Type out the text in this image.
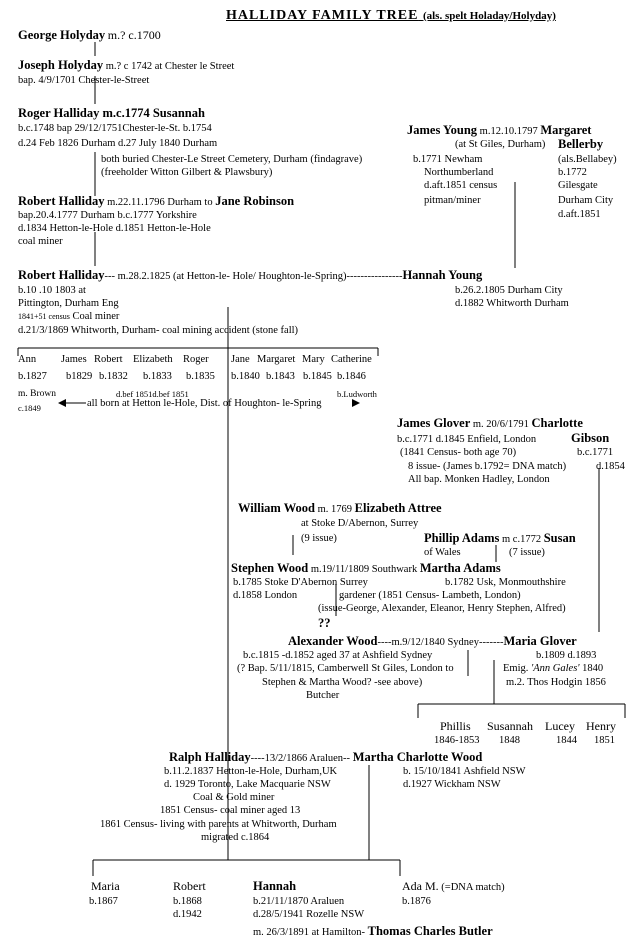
HALLIDAY FAMILY TREE (als. spelt Holaday/Holyday)
George Holyday m.? c.1700
Joseph Holyday m.? c 1742 at Chester le Street
bap. 4/9/1701 Chester-le-Street
Roger Halliday m.c.1774 Susannah
b.c.1748 bap 29/12/1751Chester-le-St. b.1754
d.24 Feb 1826 Durham d.27 July 1840 Durham
both buried Chester-Le Street Cemetery, Durham (findagrave)
(freeholder Witton Gilbert & Plawsbury)
James Young m.12.10.1797 Margaret
(at St Giles, Durham) Bellerby
b.1771 Newham
Northumberland
d.aft.1851 census
pitman/miner
(als.Bellabey)
b.1772
Gilesgate
Durham City
d.aft.1851
Robert Halliday m.22.11.1796 Durham to Jane Robinson
bap.20.4.1777 Durham b.c.1777 Yorkshire
d.1834 Hetton-le-Hole d.1851 Hetton-le-Hole
coal miner
Robert Halliday--- m.28.2.1825 (at Hetton-le- Hole/ Houghton-le-Spring)----------------Hannah Young
b.10 .10 1803 at
Pittington, Durham Eng
1841+51 census Coal miner
d.21/3/1869 Whitworth, Durham- coal mining accident (stone fall)
b.26.2.1805 Durham City
d.1882 Whitworth Durham
Ann James Robert Elizabeth Roger Jane Margaret Mary Catherine
b.1827 b1829 b.1832 b.1833 b.1835 b.1840 b.1843 b.1845 b.1846
m. Brown	d.bef 1851d.bef 1851	b.Ludworth
c.1849	all born at Hetton le-Hole, Dist. of Houghton- le-Spring
James Glover m. 20/6/1791 Charlotte
b.c.1771 d.1845 Enfield, London	Gibson
(1841 Census- both age 70)	b.c.1771
8 issue- (James b.1792= DNA match)	d.1854
All bap. Monken Hadley, London
William Wood m. 1769 Elizabeth Attree
at Stoke D/Abernon, Surrey
(9 issue)	Phillip Adams m c.1772 Susan
of Wales	(7 issue)
Stephen Wood m.19/11/1809 Southwark Martha Adams
b.1785 Stoke D'Abernon Surrey	b.1782 Usk, Monmouthshire
d.1858 London	gardener (1851 Census- Lambeth, London)
(issue-George, Alexander, Eleanor, Henry Stephen, Alfred)
??
Alexander Wood----m.9/12/1840 Sydney-------Maria Glover
b.c.1815 -d.1852 aged 37 at Ashfield Sydney	b.1809 d.1893
(? Bap. 5/11/1815, Camberwell St Giles, London to	Emig. 'Ann Gales' 1840
Stephen & Martha Wood? -see above)	m.2. Thos Hodgin 1856
Butcher
Phillis Susannah Lucey Henry
1846-1853 1848	1844 1851
Ralph Halliday----13/2/1866 Araluen-- Martha Charlotte Wood
b.11.2.1837 Hetton-le-Hole, Durham,UK	b. 15/10/1841 Ashfield NSW
d. 1929 Toronto, Lake Macquarie NSW	d.1927 Wickham NSW
Coal & Gold miner
1851 Census- coal miner aged 13
1861 Census- living with parents at Whitworth, Durham
migrated c.1864
Maria
b.1867
Robert
b.1868
d.1942
Hannah
b.21/11/1870 Araluen
d.28/5/1941 Rozelle NSW
m. 26/3/1891 at Hamilton- Thomas Charles Butler
Ada M. (=DNA match)
b.1876
